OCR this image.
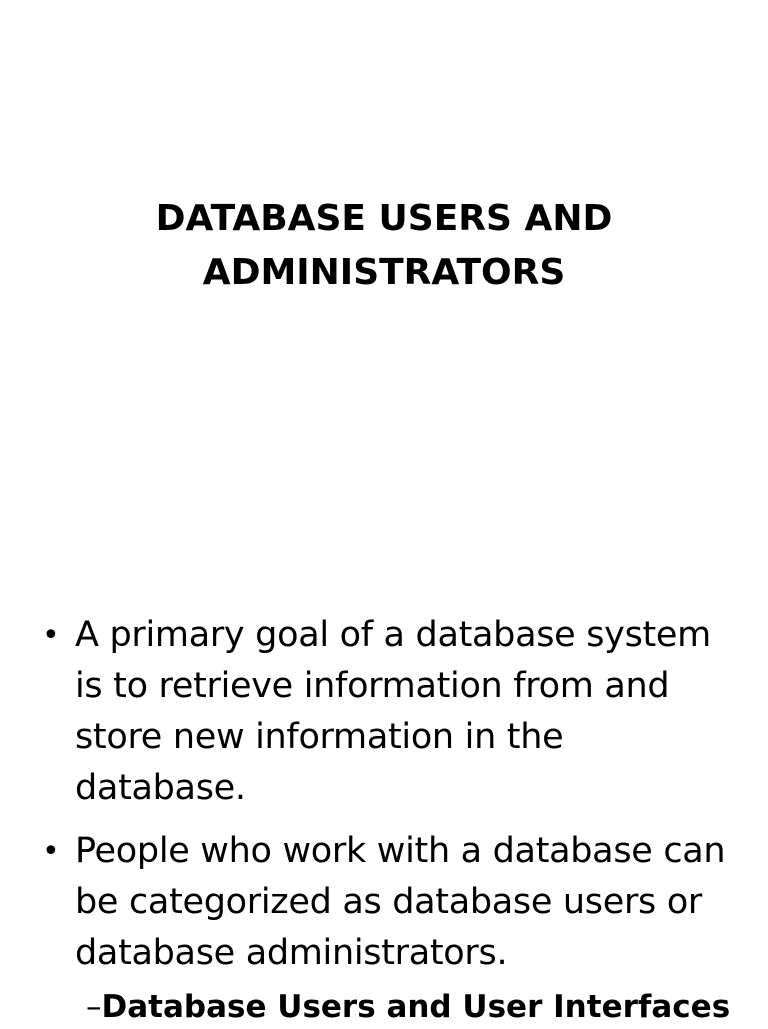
DATABASE USERS AND
ADMINISTRATORS
• A primary goal of a database system is to retrieve information from and store new information in the database.
• People who work with a database can be categorized as database users or database administrators.
–Database Users and User Interfaces
